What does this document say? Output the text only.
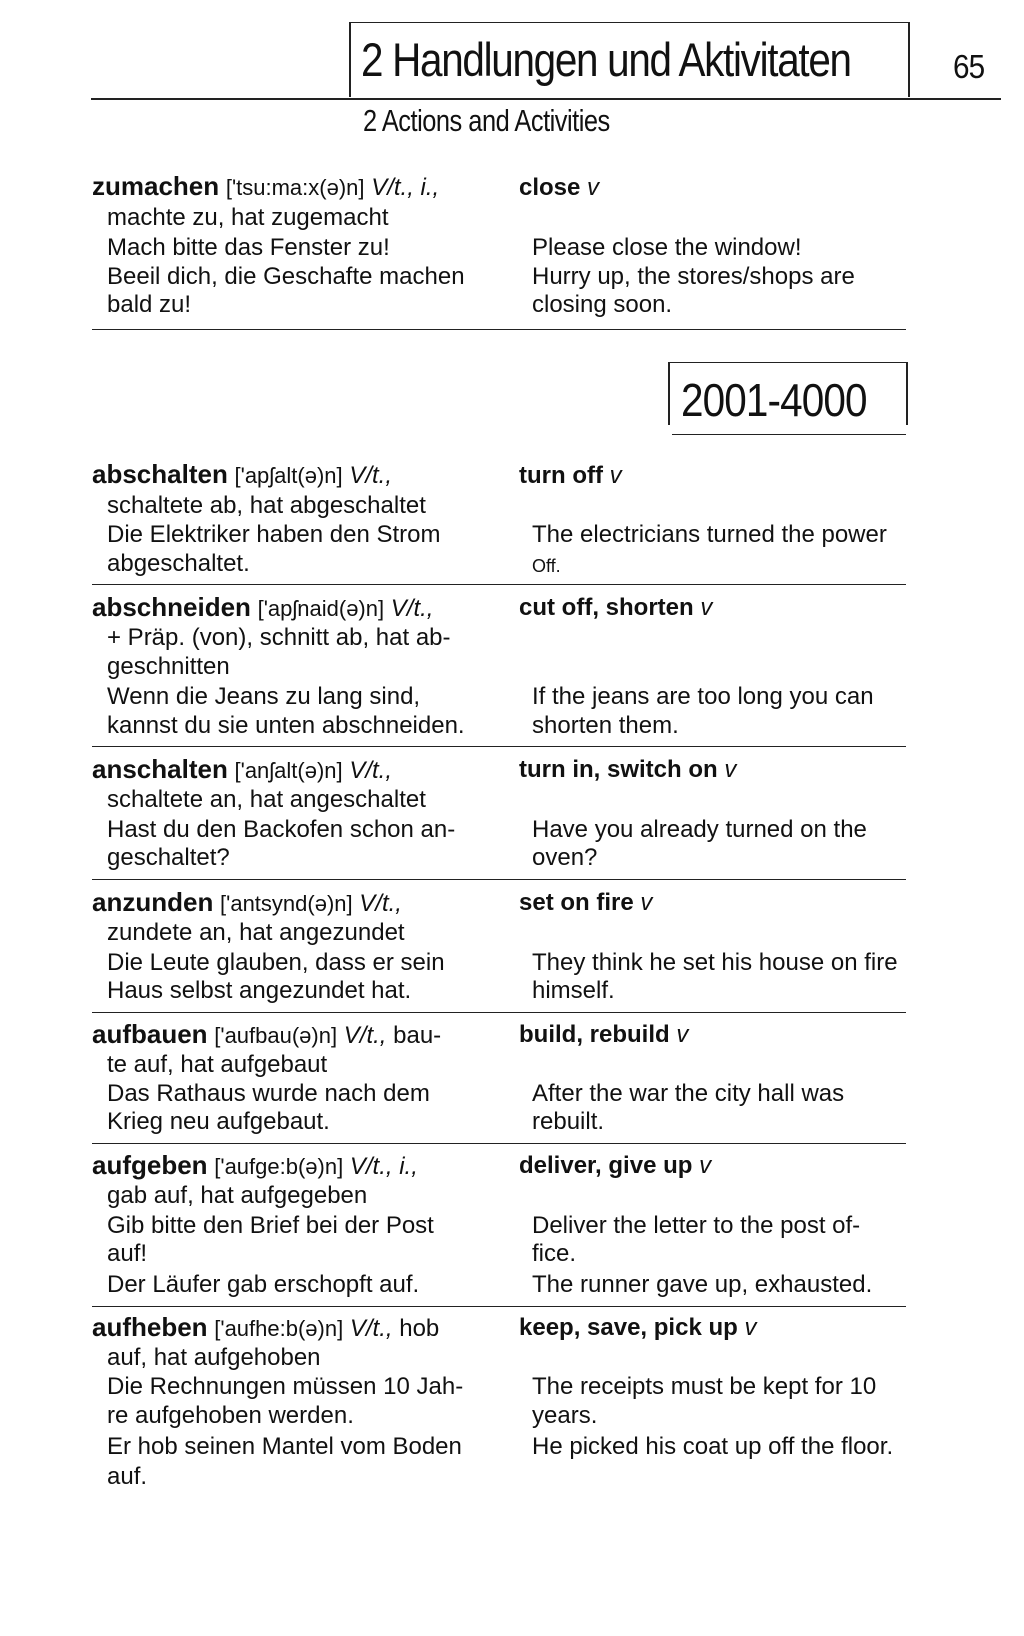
2 Handlungen und Aktivitaten	65
2 Actions and Activities
zumachen ['tsu:ma:x(ə)n] V/t., i.,	close v
machte zu, hat zugemacht
Mach bitte das Fenster zu!	Please close the window!
Beeil dich, die Geschafte machen	Hurry up, the stores/shops are
bald zu!	closing soon.
2001-4000
abschalten ['apʃalt(ə)n] V/t.,	turn off v
schaltete ab, hat abgeschaltet
Die Elektriker haben den Strom	The electricians turned the power
abgeschaltet.	Off.
abschneiden ['apʃnaid(ə)n] V/t.,	cut off, shorten v
+ Präp. (von), schnitt ab, hat ab-
geschnitten
Wenn die Jeans zu lang sind,	If the jeans are too long you can
kannst du sie unten abschneiden.	shorten them.
anschalten ['anʃalt(ə)n] V/t.,	turn in, switch on v
schaltete an, hat angeschaltet
Hast du den Backofen schon an-	Have you already turned on the
geschaltet?	oven?
anzunden ['antsynd(ə)n] V/t.,	set on fire v
zundete an, hat angezundet
Die Leute glauben, dass er sein	They think he set his house on fire
Haus selbst angezundet hat.	himself.
aufbauen ['aufbau(ə)n] V/t., bau-	build, rebuild v
te auf, hat aufgebaut
Das Rathaus wurde nach dem	After the war the city hall was
Krieg neu aufgebaut.	rebuilt.
aufgeben ['aufge:b(ə)n] V/t., i.,	deliver, give up v
gab auf, hat aufgegeben
Gib bitte den Brief bei der Post	Deliver the letter to the post of-
auf!	fice.
Der Läufer gab erschopft auf.	The runner gave up, exhausted.
aufheben ['aufhe:b(ə)n] V/t., hob	keep, save, pick up v
auf, hat aufgehoben
Die Rechnungen müssen 10 Jah-	The receipts must be kept for 10
re aufgehoben werden.	years.
Er hob seinen Mantel vom Boden	He picked his coat up off the floor.
auf.
